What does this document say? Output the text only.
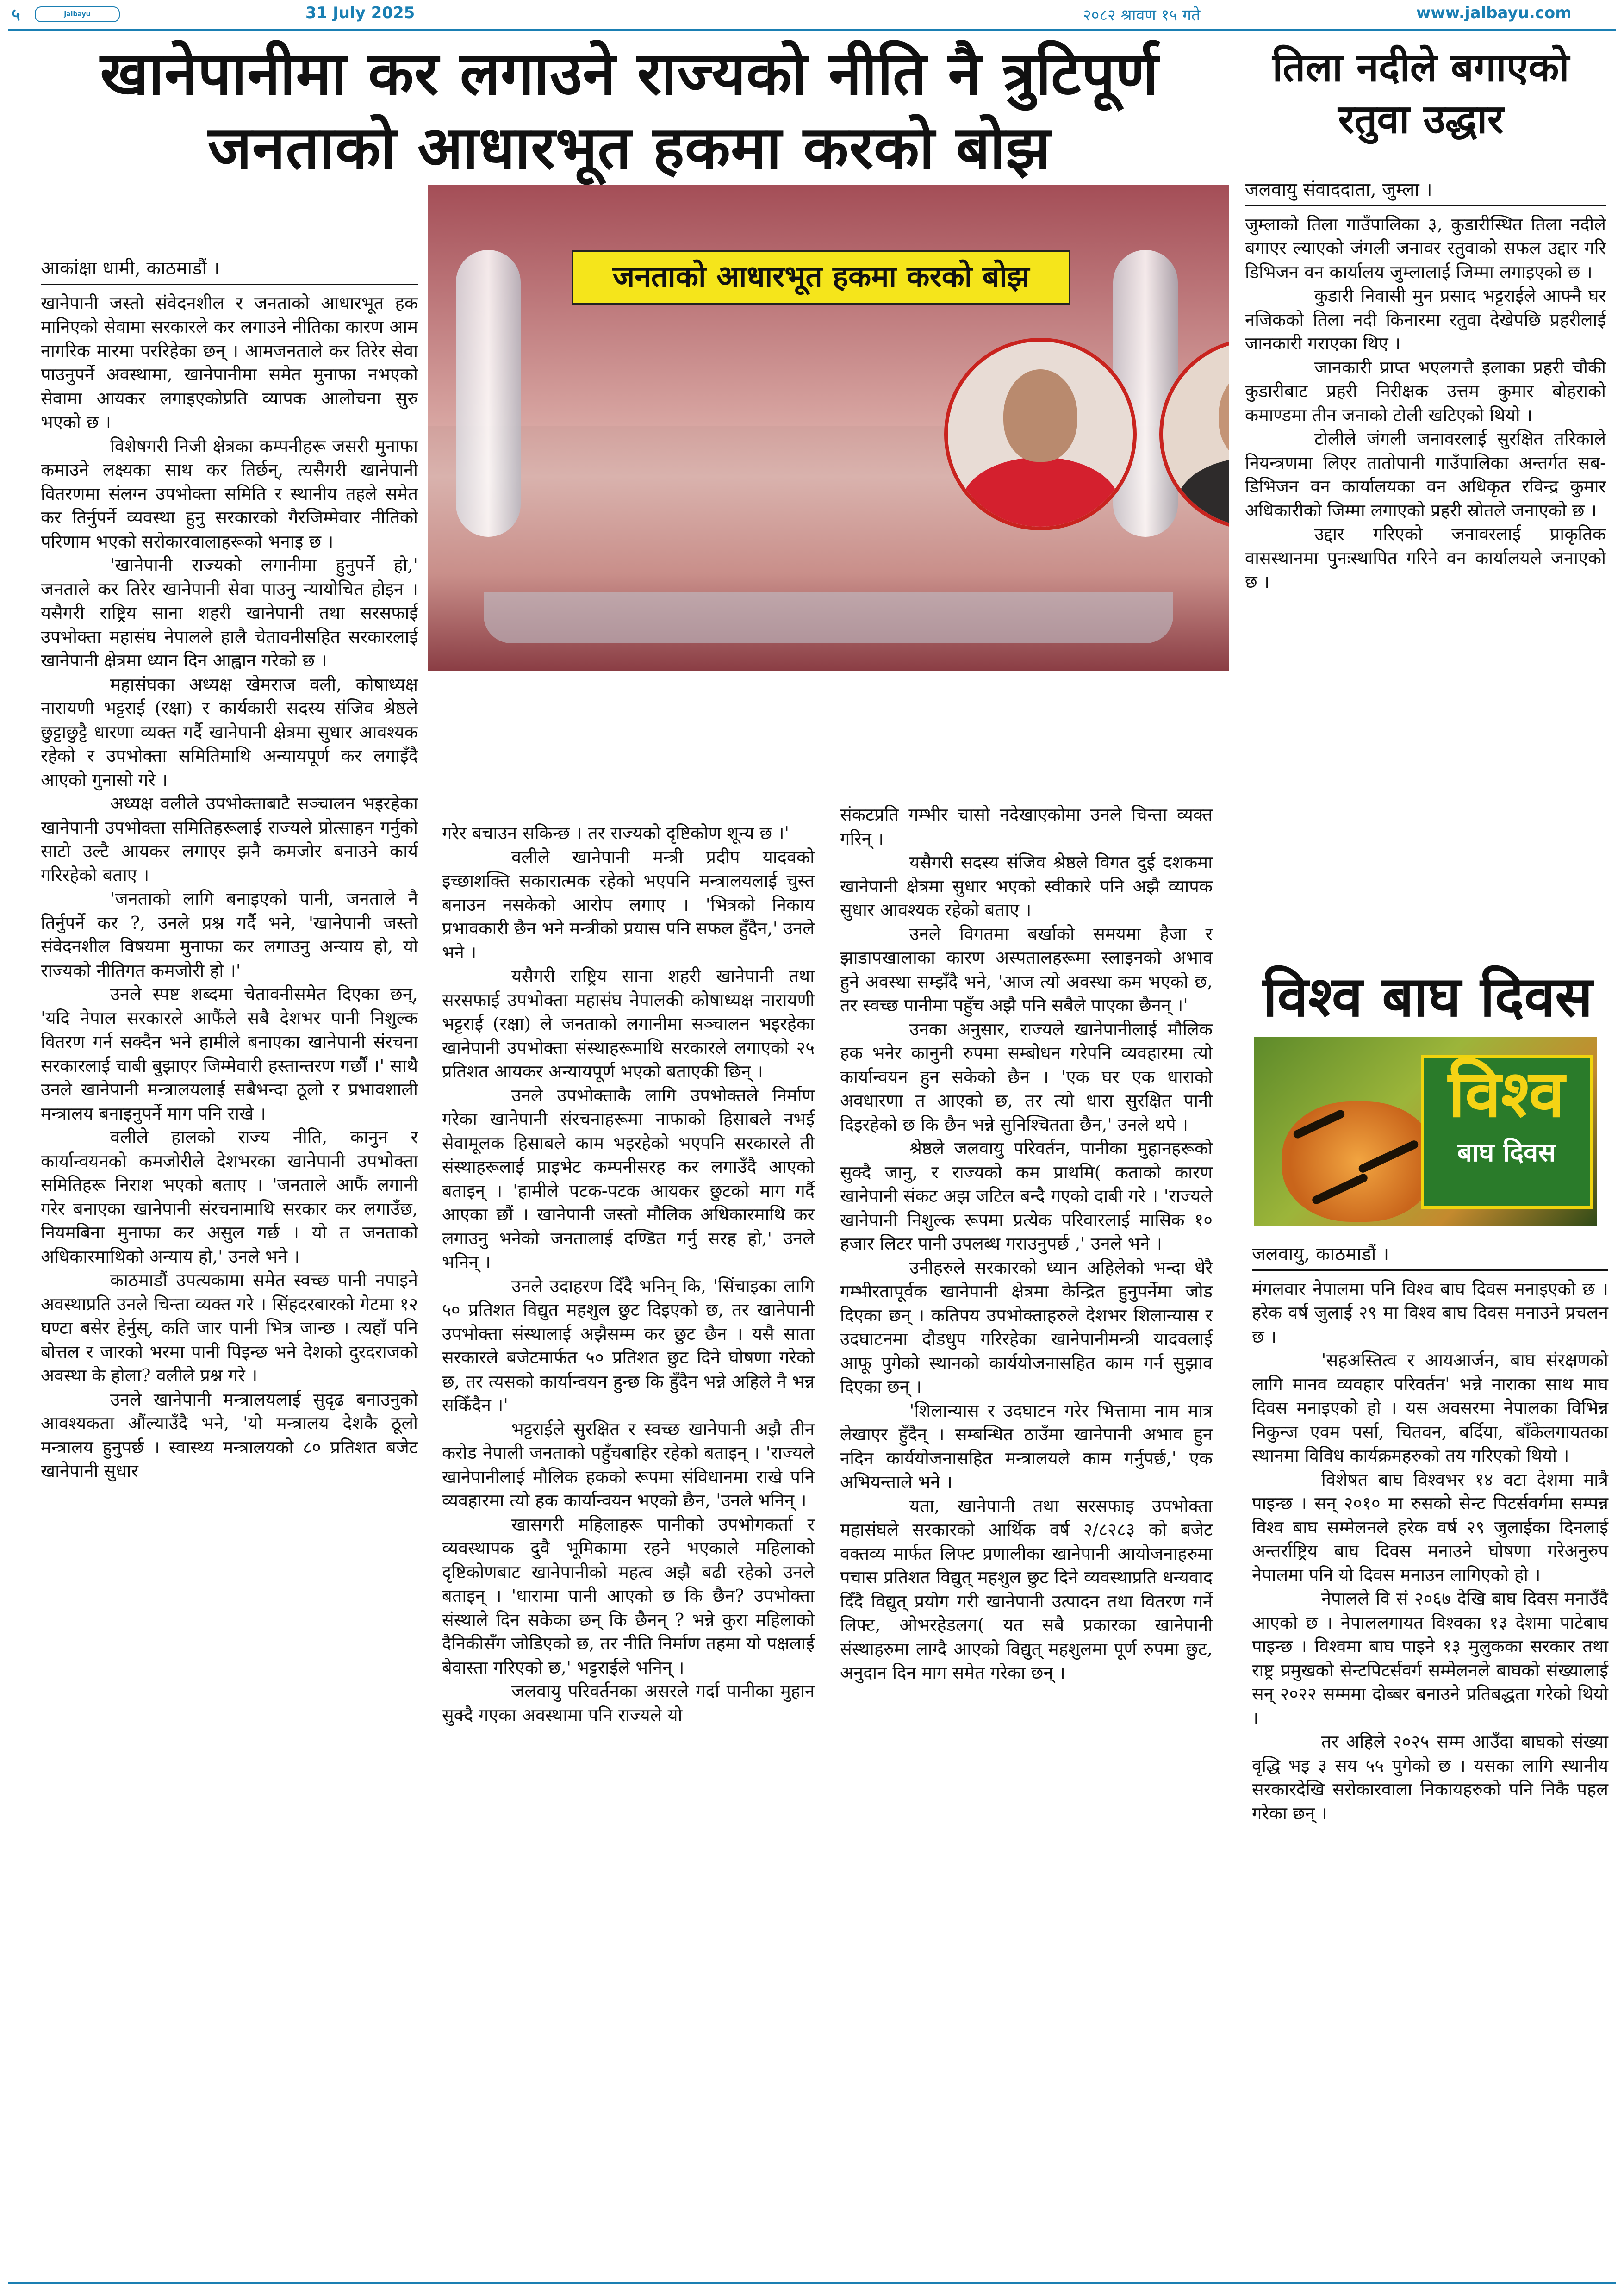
५	jalbayu	31 July 2025	२०८२ श्रावण १५ गते	www.jalbayu.com
खानेपानीमा कर लगाउने राज्यको नीति नै त्रुटिपूर्ण
जनताको आधारभूत हकमा करको बोझ
तिला नदीले बगाएको रतुवा उद्धार
जनताको आधारभूत हकमा करको बोझ
आकांक्षा धामी, काठमाडौं ।

खानेपानी जस्तो संवेदनशील र जनताको आधारभूत हक मानिएको सेवामा सरकारले कर लगाउने नीतिका कारण आम नागरिक मारमा पररिहेका छन् । आमजनताले कर तिरेर सेवा पाउनुपर्ने अवस्थामा, खानेपानीमा समेत मुनाफा नभएको सेवामा आयकर लगाइएकोप्रति व्यापक आलोचना सुरु भएको छ ।

विशेषगरी निजी क्षेत्रका कम्पनीहरू जसरी मुनाफा कमाउने लक्ष्यका साथ कर तिर्छन्, त्यसैगरी खानेपानी वितरणमा संलग्न उपभोक्ता समिति र स्थानीय तहले समेत कर तिर्नुपर्ने व्यवस्था हुनु सरकारको गैरजिम्मेवार नीतिको परिणाम भएको सरोकारवालाहरूको भनाइ छ ।

'खानेपानी राज्यको लगानीमा हुनुपर्ने हो,' जनताले कर तिरेर खानेपानी सेवा पाउनु न्यायोचित होइन । यसैगरी राष्ट्रिय साना शहरी खानेपानी तथा सरसफाई उपभोक्ता महासंघ नेपालले हालै चेतावनीसहित सरकारलाई खानेपानी क्षेत्रमा ध्यान दिन आह्वान गरेको छ ।

महासंघका अध्यक्ष खेमराज वली, कोषाध्यक्ष नारायणी भट्टराई (रक्षा) र कार्यकारी सदस्य संजिव श्रेष्ठले छुट्टाछुट्टै धारणा व्यक्त गर्दै खानेपानी क्षेत्रमा सुधार आवश्यक रहेको र उपभोक्ता समितिमाथि अन्यायपूर्ण कर लगाइँदै आएको गुनासो गरे ।

अध्यक्ष वलीले उपभोक्ताबाटै सञ्चालन भइरहेका खानेपानी उपभोक्ता समितिहरूलाई राज्यले प्रोत्साहन गर्नुको साटो उल्टै आयकर लगाएर झनै कमजोर बनाउने कार्य गरिरहेको बताए ।

'जनताको लागि बनाइएको पानी, जनताले नै तिर्नुपर्ने कर ?, उनले प्रश्न गर्दै भने, 'खानेपानी जस्तो संवेदनशील विषयमा मुनाफा कर लगाउनु अन्याय हो, यो राज्यको नीतिगत कमजोरी हो ।'

उनले स्पष्ट शब्दमा चेतावनीसमेत दिएका छन्, 'यदि नेपाल सरकारले आफैंले सबै देशभर पानी निशुल्क वितरण गर्न सक्दैन भने हामीले बनाएका खानेपानी संरचना सरकारलाई चाबी बुझाएर जिम्मेवारी हस्तान्तरण गर्छौं ।' साथै उनले खानेपानी मन्त्रालयलाई सबैभन्दा ठूलो र प्रभावशाली मन्त्रालय बनाइनुपर्ने माग पनि राखे ।

वलीले हालको राज्य नीति, कानुन र कार्यान्वयनको कमजोरीले देशभरका खानेपानी उपभोक्ता समितिहरू निराश भएको बताए । 'जनताले आफैं लगानी गरेर बनाएका खानेपानी संरचनामाथि सरकार कर लगाउँछ, नियमबिना मुनाफा कर असुल गर्छ । यो त जनताको अधिकारमाथिको अन्याय हो,' उनले भने ।

काठमाडौं उपत्यकामा समेत स्वच्छ पानी नपाइने अवस्थाप्रति उनले चिन्ता व्यक्त गरे । सिंहदरबारको गेटमा १२ घण्टा बसेर हेर्नुस्, कति जार पानी भित्र जान्छ । त्यहाँ पनि बोत्तल र जारको भरमा पानी पिइन्छ भने देशको दुरदराजको अवस्था के होला? वलीले प्रश्न गरे ।

उनले खानेपानी मन्त्रालयलाई सुदृढ बनाउनुको आवश्यकता औंल्याउँदै भने, 'यो मन्त्रालय देशकै ठूलो मन्त्रालय हुनुपर्छ । स्वास्थ्य मन्त्रालयको ८० प्रतिशत बजेट खानेपानी सुधार

गरेर बचाउन सकिन्छ । तर राज्यको दृष्टिकोण शून्य छ ।'

वलीले खानेपानी मन्त्री प्रदीप यादवको इच्छाशक्ति सकारात्मक रहेको भएपनि मन्त्रालयलाई चुस्त बनाउन नसकेको आरोप लगाए । 'भित्रको निकाय प्रभावकारी छैन भने मन्त्रीको प्रयास पनि सफल हुँदैन,' उनले भने ।

यसैगरी राष्ट्रिय साना शहरी खानेपानी तथा सरसफाई उपभोक्ता महासंघ नेपालकी कोषाध्यक्ष नारायणी भट्टराई (रक्षा) ले जनताको लगानीमा सञ्चालन भइरहेका खानेपानी उपभोक्ता संस्थाहरूमाथि सरकारले लगाएको २५ प्रतिशत आयकर अन्यायपूर्ण भएको बताएकी छिन् ।

उनले उपभोक्ताकै लागि उपभोक्तले निर्माण गरेका खानेपानी संरचनाहरूमा नाफाको हिसाबले नभई सेवामूलक हिसाबले काम भइरहेको भएपनि सरकारले ती संस्थाहरूलाई प्राइभेट कम्पनीसरह कर लगाउँदै आएको बताइन् । 'हामीले पटक-पटक आयकर छुटको माग गर्दै आएका छौं । खानेपानी जस्तो मौलिक अधिकारमाथि कर लगाउनु भनेको जनतालाई दण्डित गर्नु सरह हो,' उनले भनिन् ।

उनले उदाहरण दिँदै भनिन् कि, 'सिंचाइका लागि ५० प्रतिशत विद्युत महशुल छुट दिइएको छ, तर खानेपानी उपभोक्ता संस्थालाई अझैसम्म कर छुट छैन । यसै साता सरकारले बजेटमार्फत ५० प्रतिशत छुट दिने घोषणा गरेको छ, तर त्यसको कार्यान्वयन हुन्छ कि हुँदैन भन्ने अहिले नै भन्न सकिँदैन ।'

भट्टराईले सुरक्षित र स्वच्छ खानेपानी अझै तीन करोड नेपाली जनताको पहुँचबाहिर रहेको बताइन् । 'राज्यले खानेपानीलाई मौलिक हकको रूपमा संविधानमा राखे पनि व्यवहारमा त्यो हक कार्यान्वयन भएको छैन, 'उनले भनिन् ।

खासगरी महिलाहरू पानीको उपभोगकर्ता र व्यवस्थापक दुवै भूमिकामा रहने भएकाले महिलाको दृष्टिकोणबाट खानेपानीको महत्व अझै बढी रहेको उनले बताइन् । 'धारामा पानी आएको छ कि छैन? उपभोक्ता संस्थाले दिन सकेका छन् कि छैनन् ? भन्ने कुरा महिलाको दैनिकीसँग जोडिएको छ, तर नीति निर्माण तहमा यो पक्षलाई बेवास्ता गरिएको छ,' भट्टराईले भनिन् ।

जलवायु परिवर्तनका असरले गर्दा पानीका मुहान सुक्दै गएका अवस्थामा पनि राज्यले यो

संकटप्रति गम्भीर चासो नदेखाएकोमा उनले चिन्ता व्यक्त गरिन् ।

यसैगरी सदस्य संजिव श्रेष्ठले विगत दुई दशकमा खानेपानी क्षेत्रमा सुधार भएको स्वीकारे पनि अझै व्यापक सुधार आवश्यक रहेको बताए ।

उनले विगतमा बर्खाको समयमा हैजा र झाडापखालाका कारण अस्पतालहरूमा स्लाइनको अभाव हुने अवस्था सम्झँदै भने, 'आज त्यो अवस्था कम भएको छ, तर स्वच्छ पानीमा पहुँच अझै पनि सबैले पाएका छैनन् ।'

उनका अनुसार, राज्यले खानेपानीलाई मौलिक हक भनेर कानुनी रुपमा सम्बोधन गरेपनि व्यवहारमा त्यो कार्यान्वयन हुन सकेको छैन । 'एक घर एक धाराको अवधारणा त आएको छ, तर त्यो धारा सुरक्षित पानी दिइरहेको छ कि छैन भन्ने सुनिश्चितता छैन,' उनले थपे ।

श्रेष्ठले जलवायु परिवर्तन, पानीका मुहानहरूको सुक्दै जानु, र राज्यको कम प्राथमि( कताको कारण खानेपानी संकट अझ जटिल बन्दै गएको दाबी गरे । 'राज्यले खानेपानी निशुल्क रूपमा प्रत्येक परिवारलाई मासिक १० हजार लिटर पानी उपलब्ध गराउनुपर्छ ,' उनले भने ।

उनीहरुले सरकारको ध्यान अहिलेको भन्दा धेरै गम्भीरतापूर्वक खानेपानी क्षेत्रमा केन्द्रित हुनुपर्नेमा जोड दिएका छन् । कतिपय उपभोक्ताहरुले देशभर शिलान्यास र उदघाटनमा दौडधुप गरिरहेका खानेपानीमन्त्री यादवलाई आफू पुगेको स्थानको कार्ययोजनासहित काम गर्न सुझाव दिएका छन् ।

'शिलान्यास र उदघाटन गरेर भित्तामा नाम मात्र लेखाएर हुँदैन् । सम्बन्धित ठाउँमा खानेपानी अभाव हुन नदिन कार्ययोजनासहित मन्त्रालयले काम गर्नुपर्छ,' एक अभियन्ताले भने ।

यता, खानेपानी तथा सरसफाइ उपभोक्ता महासंघले सरकारको आर्थिक वर्ष २/८२८३ को बजेट वक्तव्य मार्फत लिफ्ट प्रणालीका खानेपानी आयोजनाहरुमा पचास प्रतिशत विद्युत् महशुल छुट दिने व्यवस्थाप्रति धन्यवाद दिँदै विद्युत् प्रयोग गरी खानेपानी उत्पादन तथा वितरण गर्ने लिफ्ट, ओभरहेडलग( यत सबै प्रकारका खानेपानी संस्थाहरुमा लाग्दै आएको विद्युत् महशुलमा पूर्ण रुपमा छुट, अनुदान दिन माग समेत गरेका छन् ।

जलवायु संवाददाता, जुम्ला ।

जुम्लाको तिला गाउँपालिका ३, कुडारीस्थित तिला नदीले बगाएर ल्याएको जंगली जनावर रतुवाको सफल उद्दार गरि डिभिजन वन कार्यालय जुम्लालाई जिम्मा लगाइएको छ ।

कुडारी निवासी मुन प्रसाद भट्टराईले आफ्नै घर नजिकको तिला नदी किनारमा रतुवा देखेपछि प्रहरीलाई जानकारी गराएका थिए ।

जानकारी प्राप्त भएलगत्तै इलाका प्रहरी चौकी कुडारीबाट प्रहरी निरीक्षक उत्तम कुमार बोहराको कमाण्डमा तीन जनाको टोली खटिएको थियो ।

टोलीले जंगली जनावरलाई सुरक्षित तरिकाले नियन्त्रणमा लिएर तातोपानी गाउँपालिका अन्तर्गत सब-डिभिजन वन कार्यालयका वन अधिकृत रविन्द्र कुमार अधिकारीको जिम्मा लगाएको प्रहरी स्रोतले जनाएको छ ।

उद्दार गरिएको जनावरलाई प्राकृतिक वासस्थानमा पुनःस्थापित गरिने वन कार्यालयले जनाएको छ ।

विश्व बाघ दिवस
विश्व
बाघ दिवस
जलवायु, काठमाडौं ।

मंगलवार नेपालमा पनि विश्व बाघ दिवस मनाइएको छ । हरेक वर्ष जुलाई २९ मा विश्व बाघ दिवस मनाउने प्रचलन छ ।

'सहअस्तित्व र आयआर्जन, बाघ संरक्षणको लागि मानव व्यवहार परिवर्तन' भन्ने नाराका साथ माघ दिवस मनाइएको हो । यस अवसरमा नेपालका विभिन्न निकुन्ज एवम पर्सा, चितवन, बर्दिया, बाँकेलगायतका स्थानमा विविध कार्यक्रमहरुको तय गरिएको थियो ।

विशेषत बाघ विश्वभर १४ वटा देशमा मात्रै पाइन्छ । सन् २०१० मा रुसको सेन्ट पिटर्सवर्गमा सम्पन्न विश्व बाघ सम्मेलनले हरेक वर्ष २९ जुलाईका दिनलाई अन्तर्राष्ट्रिय बाघ दिवस मनाउने घोषणा गरेअनुरुप नेपालमा पनि यो दिवस मनाउन लागिएको हो ।

नेपालले वि सं २०६७ देखि बाघ दिवस मनाउँदै आएको छ । नेपाललगायत विश्वका १३ देशमा पाटेबाघ पाइन्छ । विश्वमा बाघ पाइने १३ मुलुकका सरकार तथा राष्ट्र प्रमुखको सेन्टपिटर्सवर्ग सम्मेलनले बाघको संख्यालाई सन् २०२२ सम्ममा दोब्बर बनाउने प्रतिबद्धता गरेको थियो ।

तर अहिले २०२५ सम्म आउँदा बाघको संख्या वृद्धि भइ ३ सय ५५ पुगेको छ । यसका लागि स्थानीय सरकारदेखि सरोकारवाला निकायहरुको पनि निकै पहल गरेका छन् ।
